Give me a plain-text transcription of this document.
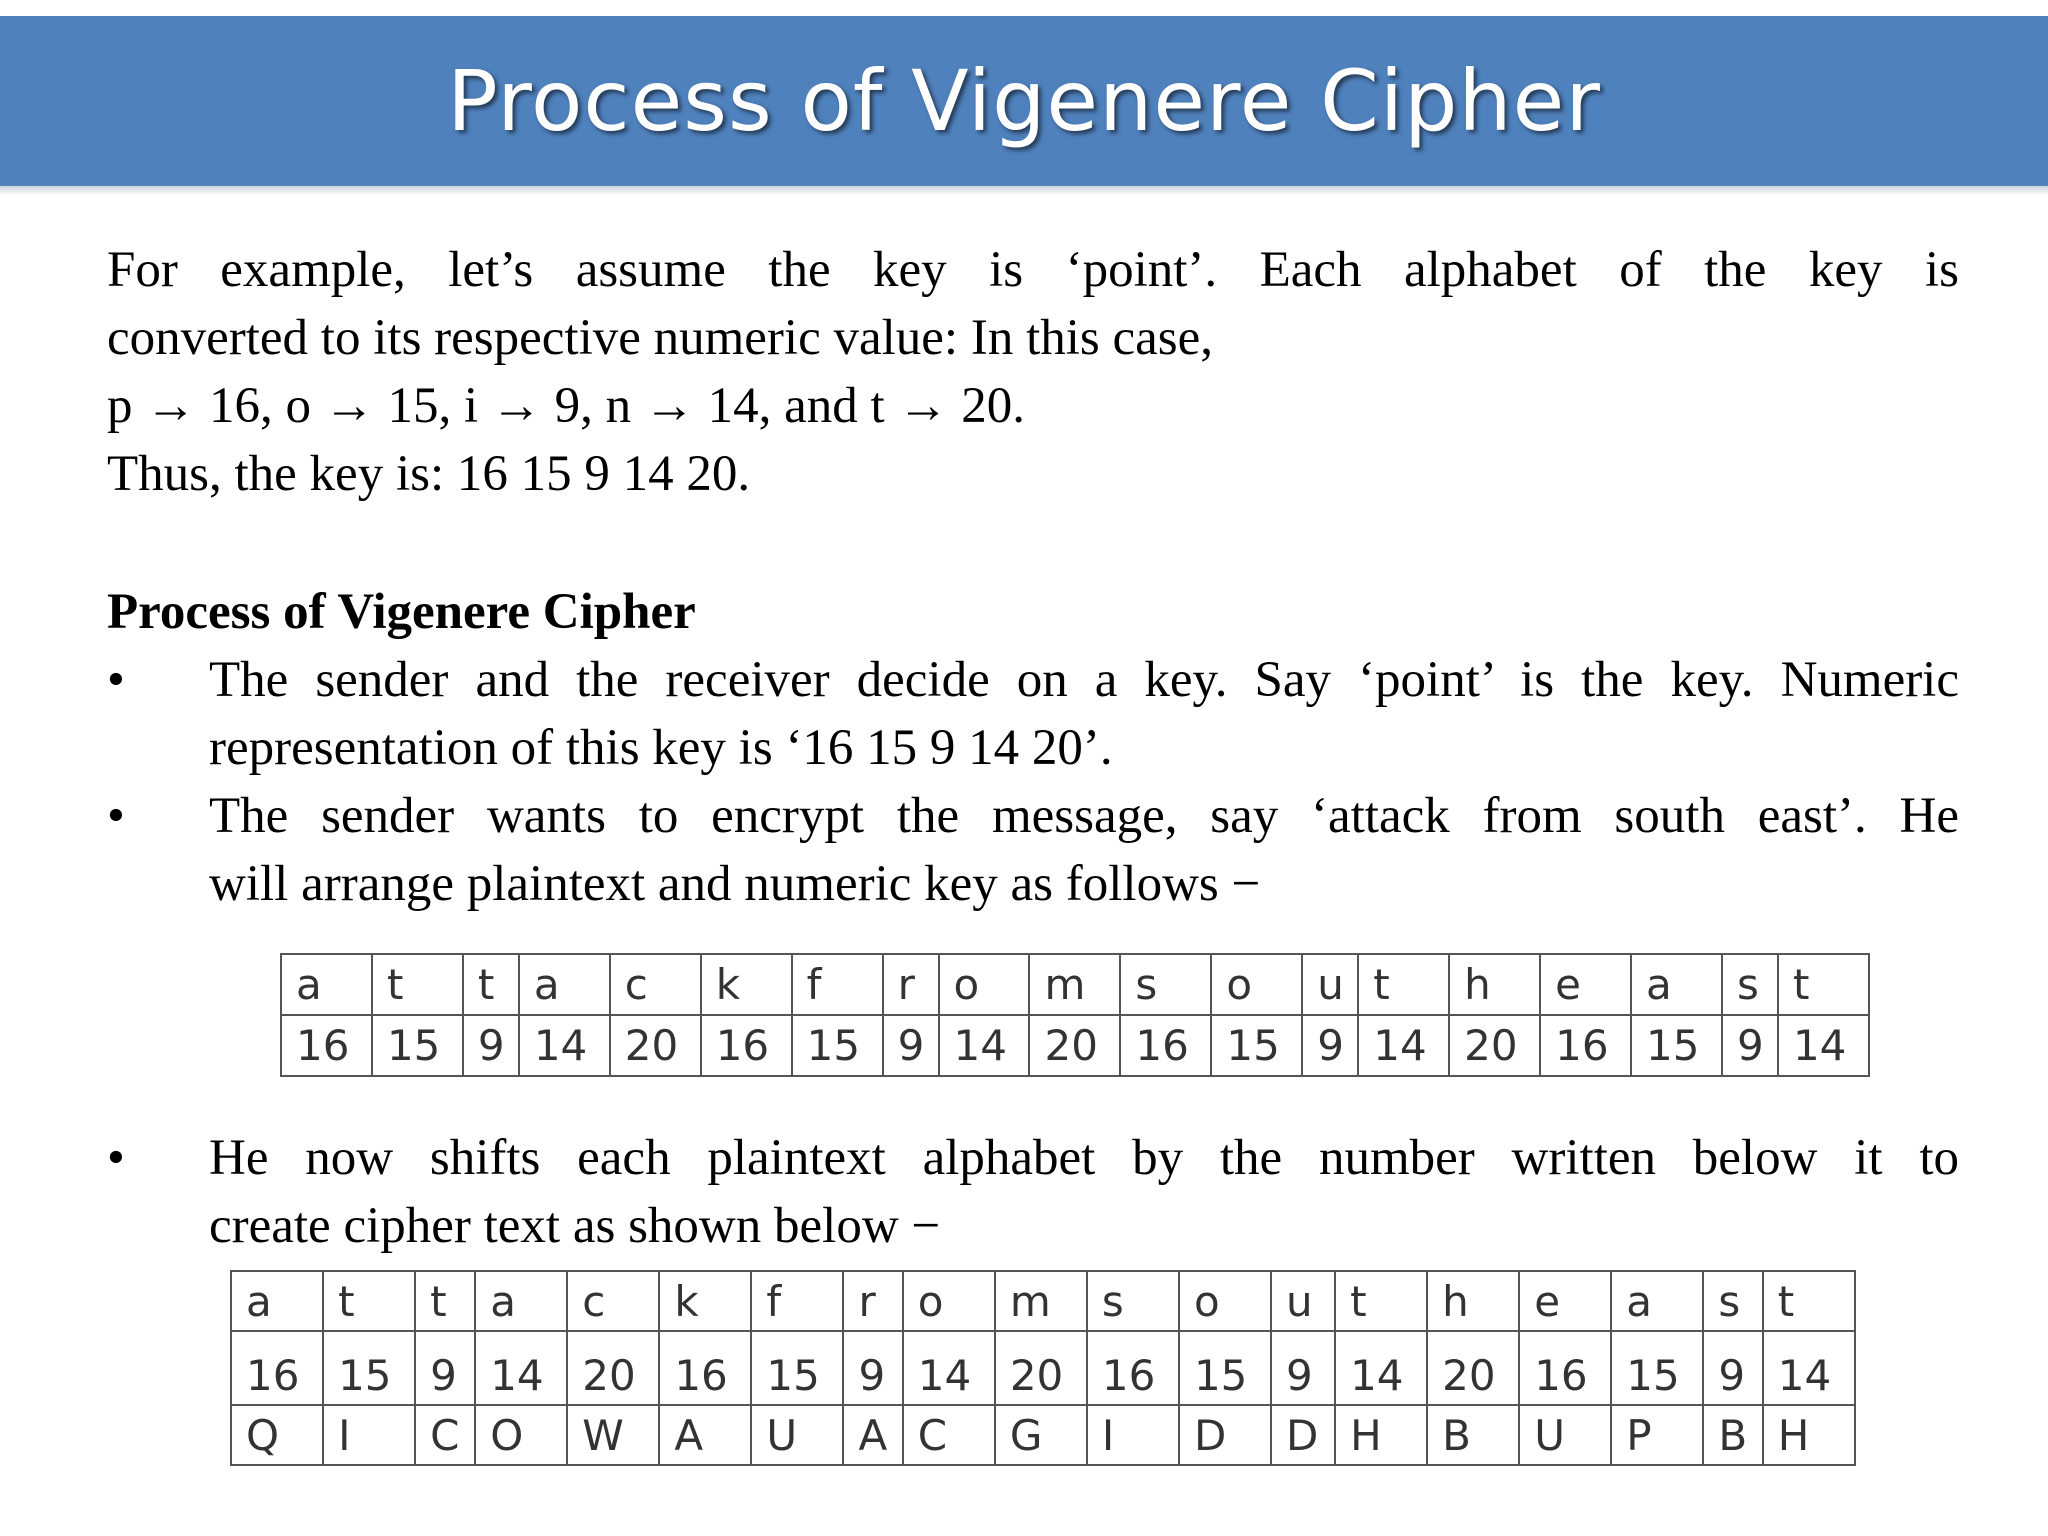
Process of Vigenere Cipher
For example, let’s assume the key is ‘point’. Each alphabet of the key is
converted to its respective numeric value: In this case,
p → 16, o → 15, i → 9, n → 14, and t → 20.
Thus, the key is: 16 15 9 14 20.
Process of Vigenere Cipher
• The sender and the receiver decide on a key. Say ‘point’ is the key. Numeric
representation of this key is ‘16 15 9 14 20’.
• The sender wants to encrypt the message, say ‘attack from south east’. He
will arrange plaintext and numeric key as follows −
a	t	t	a	c	k	f	r	o	m	s	o	u	t	h	e	a	s	t
16	15	9	14	20	16	15	9	14	20	16	15	9	14	20	16	15	9	14
• He now shifts each plaintext alphabet by the number written below it to
create cipher text as shown below −
a	t	t	a	c	k	f	r	o	m	s	o	u	t	h	e	a	s	t
16	15	9	14	20	16	15	9	14	20	16	15	9	14	20	16	15	9	14
Q	I	C	O	W	A	U	A	C	G	I	D	D	H	B	U	P	B	H
